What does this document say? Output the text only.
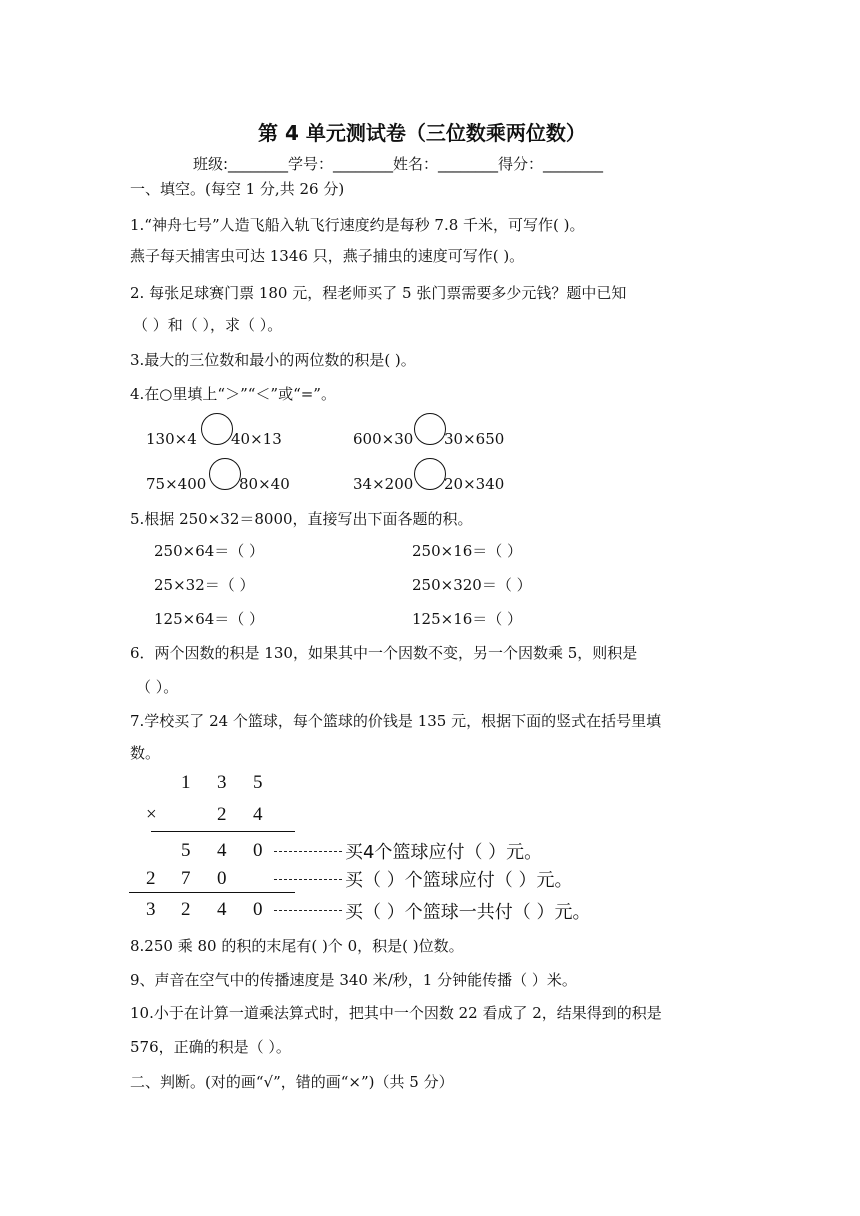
第 4 单元测试卷（三位数乘两位数）
班级:________学号：________姓名：________得分：________
一、填空。(每空 1 分,共 26 分)
1.“神舟七号”人造飞船入轨飞行速度约是每秒 7.8 千米，可写作( )。
燕子每天捕害虫可达 1346 只，燕子捕虫的速度可写作( )。
2. 每张足球赛门票 180 元，程老师买了 5 张门票需要多少元钱？题中已知
（ ）和（ ），求（ ）。
3.最大的三位数和最小的两位数的积是( )。
4.在○里填上“＞”“＜”或“=”。
130×4 40×13	600×30 30×650
75×400 80×40	34×200 20×340
5.根据 250×32＝8000，直接写出下面各题的积。
250×64＝（ ）	250×16＝（ ）
25×32＝（ ）	250×320＝（ ）
125×64＝（ ）	125×16＝（ ）
6．两个因数的积是 130，如果其中一个因数不变，另一个因数乘 5，则积是
（ ）。
7.学校买了 24 个篮球，每个篮球的价钱是 135 元，根据下面的竖式在括号里填
数。
1 3 5
×	2 4
5 4 0	买4个篮球应付（ ）元。
2 7 0	买（ ）个篮球应付（ ）元。
3 2 4 0	买（ ）个篮球一共付（ ）元。
8.250 乘 80 的积的末尾有( )个 0，积是( )位数。
9、声音在空气中的传播速度是 340 米/秒，1 分钟能传播（ ）米。
10.小于在计算一道乘法算式时，把其中一个因数 22 看成了 2，结果得到的积是
576，正确的积是（ ）。
二、判断。(对的画“√”，错的画“×”)（共 5 分）
